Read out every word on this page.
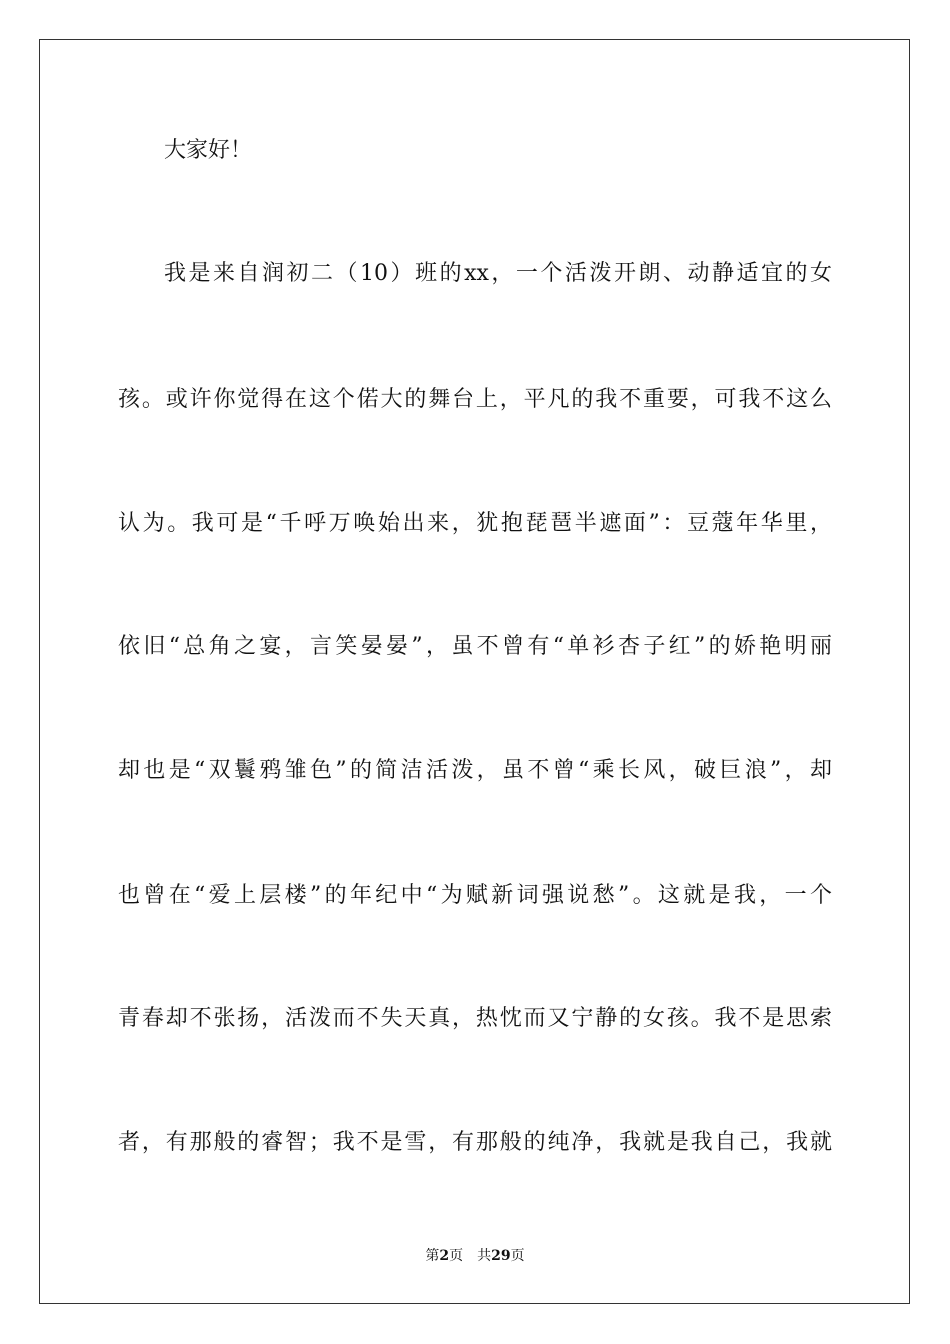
大家好！
我是来自润初二（10）班的xx，一个活泼开朗、动静适宜的女
孩。或许你觉得在这个偌大的舞台上，平凡的我不重要，可我不这么
认为。我可是“千呼万唤始出来，犹抱琵琶半遮面”：豆蔻年华里，
依旧“总角之宴，言笑晏晏”，虽不曾有“单衫杏子红”的娇艳明丽
却也是“双鬟鸦雏色”的简洁活泼，虽不曾“乘长风，破巨浪”，却
也曾在“爱上层楼”的年纪中“为赋新词强说愁”。这就是我，一个
青春却不张扬，活泼而不失天真，热忱而又宁静的女孩。我不是思索
者，有那般的睿智；我不是雪，有那般的纯净，我就是我自己，我就
第2页 共29页
